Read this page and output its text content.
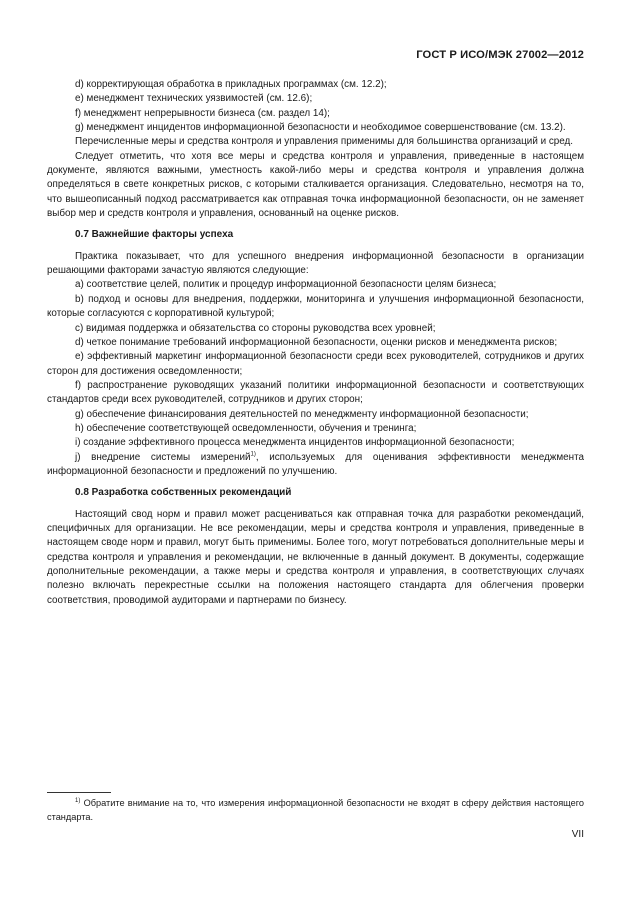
ГОСТ Р ИСО/МЭК 27002—2012

d) корректирующая обработка в прикладных программах (см. 12.2);

e) менеджмент технических уязвимостей (см. 12.6);

f) менеджмент непрерывности бизнеса (см. раздел 14);

g) менеджмент инцидентов информационной безопасности и необходимое совершенствование (см. 13.2).

Перечисленные меры и средства контроля и управления применимы для большинства организаций и сред.

Следует отметить, что хотя все меры и средства контроля и управления, приведенные в настоящем документе, являются важными, уместность какой-либо меры и средства контроля и управления должна определяться в свете конкретных рисков, с которыми сталкивается организация. Следовательно, несмотря на то, что вышеописанный подход рассматривается как отправная точка информационной безопасности, он не заменяет выбор мер и средств контроля и управления, основанный на оценке рисков.

0.7 Важнейшие факторы успеха

Практика показывает, что для успешного внедрения информационной безопасности в организации решающими факторами зачастую являются следующие:

a) соответствие целей, политик и процедур информационной безопасности целям бизнеса;

b) подход и основы для внедрения, поддержки, мониторинга и улучшения информационной безопасности, которые согласуются с корпоративной культурой;

c) видимая поддержка и обязательства со стороны руководства всех уровней;

d) четкое понимание требований информационной безопасности, оценки рисков и менеджмента рисков;

e) эффективный маркетинг информационной безопасности среди всех руководителей, сотрудников и других сторон для достижения осведомленности;

f) распространение руководящих указаний политики информационной безопасности и соответствующих стандартов среди всех руководителей, сотрудников и других сторон;

g) обеспечение финансирования деятельностей по менеджменту информационной безопасности;

h) обеспечение соответствующей осведомленности, обучения и тренинга;

i) создание эффективного процесса менеджмента инцидентов информационной безопасности;

j) внедрение системы измерений$^{1)}$, используемых для оценивания эффективности менеджмента информационной безопасности и предложений по улучшению.

0.8 Разработка собственных рекомендаций

Настоящий свод норм и правил может расцениваться как отправная точка для разработки рекомендаций, специфичных для организации. Не все рекомендации, меры и средства контроля и управления, приведенные в настоящем своде норм и правил, могут быть применимы. Более того, могут потребоваться дополнительные меры и средства контроля и управления и рекомендации, не включенные в данный документ. В документы, содержащие дополнительные рекомендации, а также меры и средства контроля и управления, в соответствующих случаях полезно включать перекрестные ссылки на положения настоящего стандарта для облегчения проверки соответствия, проводимой аудиторами и партнерами по бизнесу.

$^{1)}$ Обратите внимание на то, что измерения информационной безопасности не входят в сферу действия настоящего стандарта.

VII
